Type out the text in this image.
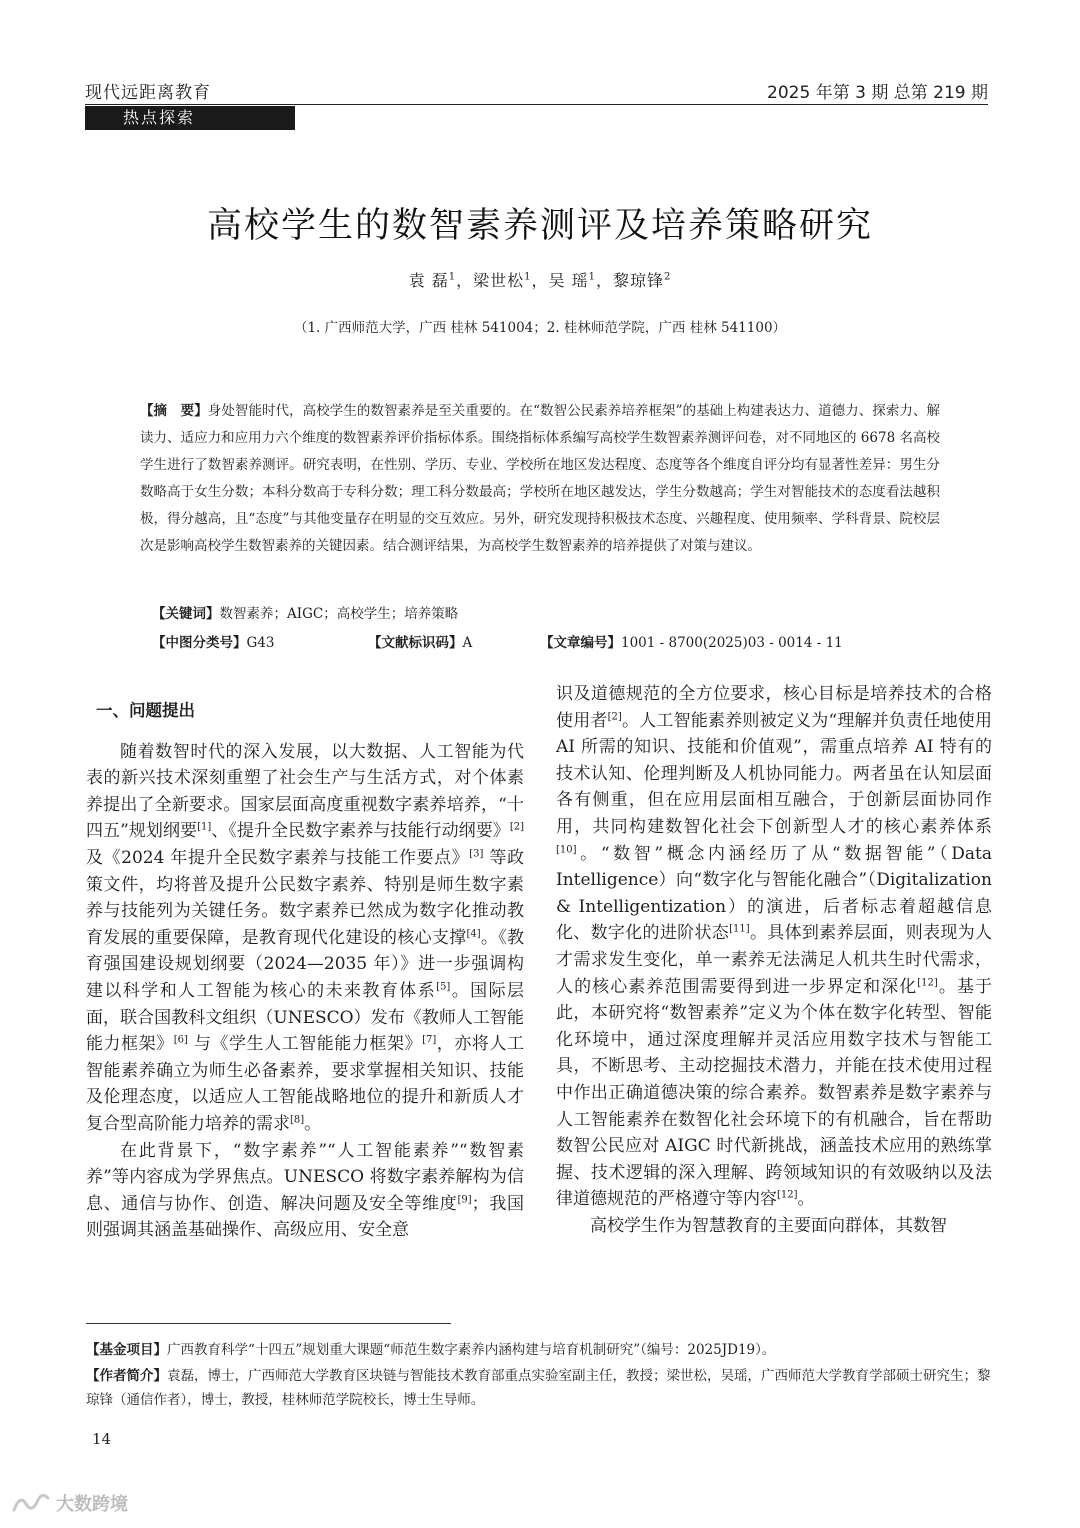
现代远距离教育	2025 年第 3 期 总第 219 期
热点探索
高校学生的数智素养测评及培养策略研究
袁 磊$^1$，梁世松$^1$，吴 瑶$^1$，黎琼锋$^2$
（1. 广西师范大学，广西 桂林 541004；2. 桂林师范学院，广西 桂林 541100）
【摘　要】身处智能时代，高校学生的数智素养是至关重要的。在“数智公民素养培养框架”的基础上构建表达力、道德力、探索力、解读力、适应力和应用力六个维度的数智素养评价指标体系。围绕指标体系编写高校学生数智素养测评问卷，对不同地区的 6678 名高校学生进行了数智素养测评。研究表明，在性别、学历、专业、学校所在地区发达程度、态度等各个维度自评分均有显著性差异：男生分数略高于女生分数；本科分数高于专科分数；理工科分数最高；学校所在地区越发达，学生分数越高；学生对智能技术的态度看法越积极，得分越高，且“态度”与其他变量存在明显的交互效应。另外，研究发现持积极技术态度、兴趣程度、使用频率、学科背景、院校层次是影响高校学生数智素养的关键因素。结合测评结果，为高校学生数智素养的培养提供了对策与建议。
【关键词】数智素养；AIGC；高校学生；培养策略
【中图分类号】G43	【文献标识码】A	【文章编号】1001 - 8700(2025)03 - 0014 - 11
一、问题提出

随着数智时代的深入发展，以大数据、人工智能为代表的新兴技术深刻重塑了社会生产与生活方式，对个体素养提出了全新要求。国家层面高度重视数字素养培养，“十四五”规划纲要[1]、《提升全民数字素养与技能行动纲要》[2] 及《2024 年提升全民数字素养与技能工作要点》[3] 等政策文件，均将普及提升公民数字素养、特别是师生数字素养与技能列为关键任务。数字素养已然成为数字化推动教育发展的重要保障，是教育现代化建设的核心支撑[4]。《教育强国建设规划纲要（2024—2035 年）》进一步强调构建以科学和人工智能为核心的未来教育体系[5]。国际层面，联合国教科文组织（UNESCO）发布《教师人工智能能力框架》[6] 与《学生人工智能能力框架》[7]，亦将人工智能素养确立为师生必备素养，要求掌握相关知识、技能及伦理态度，以适应人工智能战略地位的提升和新质人才复合型高阶能力培养的需求[8]。

在此背景下，“数字素养”“人工智能素养”“数智素养”等内容成为学界焦点。UNESCO 将数字素养解构为信息、通信与协作、创造、解决问题及安全等维度[9]；我国则强调其涵盖基础操作、高级应用、安全意

识及道德规范的全方位要求，核心目标是培养技术的合格使用者[2]。人工智能素养则被定义为“理解并负责任地使用 AI 所需的知识、技能和价值观”，需重点培养 AI 特有的技术认知、伦理判断及人机协同能力。两者虽在认知层面各有侧重，但在应用层面相互融合，于创新层面协同作用，共同构建数智化社会下创新型人才的核心素养体系[10]。“数智”概念内涵经历了从“数据智能”（Data Intelligence）向“数字化与智能化融合”（Digitalization & Intelligentization）的演进，后者标志着超越信息化、数字化的进阶状态[11]。具体到素养层面，则表现为人才需求发生变化，单一素养无法满足人机共生时代需求，人的核心素养范围需要得到进一步界定和深化[12]。基于此，本研究将“数智素养”定义为个体在数字化转型、智能化环境中，通过深度理解并灵活应用数字技术与智能工具，不断思考、主动挖掘技术潜力，并能在技术使用过程中作出正确道德决策的综合素养。数智素养是数字素养与人工智能素养在数智化社会环境下的有机融合，旨在帮助数智公民应对 AIGC 时代新挑战，涵盖技术应用的熟练掌握、技术逻辑的深入理解、跨领域知识的有效吸纳以及法律道德规范的严格遵守等内容[12]。

高校学生作为智慧教育的主要面向群体，其数智

【基金项目】广西教育科学“十四五”规划重大课题“师范生数字素养内涵构建与培育机制研究”（编号：2025JD19）。
【作者简介】袁磊，博士，广西师范大学教育区块链与智能技术教育部重点实验室副主任，教授；梁世松，吴瑶，广西师范大学教育学部硕士研究生；黎琼锋（通信作者），博士，教授，桂林师范学院校长，博士生导师。
14
大数跨境
